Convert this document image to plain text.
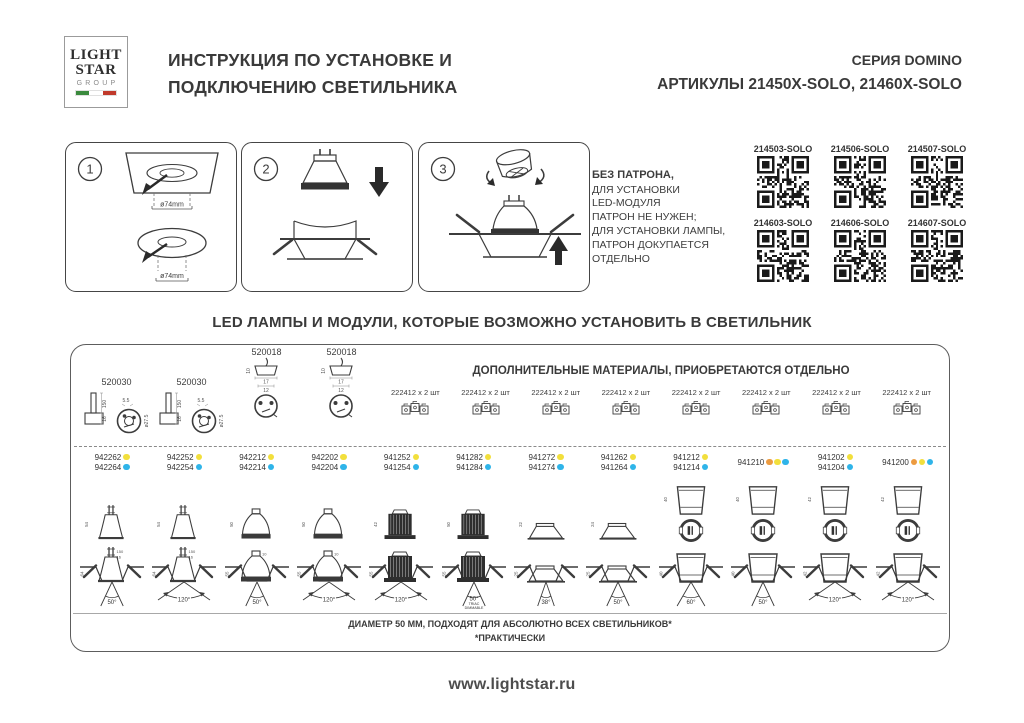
LIGHT
STAR
GROUP
ИНСТРУКЦИЯ ПО УСТАНОВКЕ И
ПОДКЛЮЧЕНИЮ СВЕТИЛЬНИКА
СЕРИЯ DOMINO
АРТИКУЛЫ 21450X-SOLO, 21460X-SOLO
1
ø74mm
ø74mm
2	3	БЕЗ ПАТРОНА,
ДЛЯ УСТАНОВКИ
LED-МОДУЛЯ
ПАТРОН НЕ НУЖЕН;
ДЛЯ УСТАНОВКИ ЛАМПЫ,
ПАТРОН ДОКУПАЕТСЯ
ОТДЕЛЬНО
214503-SOLO 214506-SOLO 214507-SOLO
214603-SOLO 214606-SOLO 214607-SOLO
LED ЛАМПЫ И МОДУЛИ, КОТОРЫЕ ВОЗМОЖНО УСТАНОВИТЬ В СВЕТИЛЬНИК
520030
150
16
5.5
ø27.5
520030
150
16
5.5
ø27.5
520018
10
17
12
520018
10
17
12
ДОПОЛНИТЕЛЬНЫЕ МАТЕРИАЛЫ, ПРИОБРЕТАЮТСЯ ОТДЕЛЬНО
222412 х 2 шт	222412 х 2 шт	222412 х 2 шт	222412 х 2 шт	222412 х 2 шт	222412 х 2 шт	222412 х 2 шт	222412 х 2 шт
942262
942264
54
150
16
50°
64
942252
942254
54
150
16
120°
64
942212
942214
50
10
50°
55
942202
942204
50
10
120°
55
941252
941254
42
120°
55
941282
941284
50
50°
TRIAC
DIMMABLE
55
941272
941274
22
38°
25
941262
941264
24
50°
25
941212
941214
40
60°
40
941210
40
50°
40
941202
941204
42
120°
42
941200
42
120°
42
ДИАМЕТР 50 ММ, ПОДХОДЯТ ДЛЯ АБСОЛЮТНО ВСЕХ СВЕТИЛЬНИКОВ*
*ПРАКТИЧЕСКИ
www.lightstar.ru
